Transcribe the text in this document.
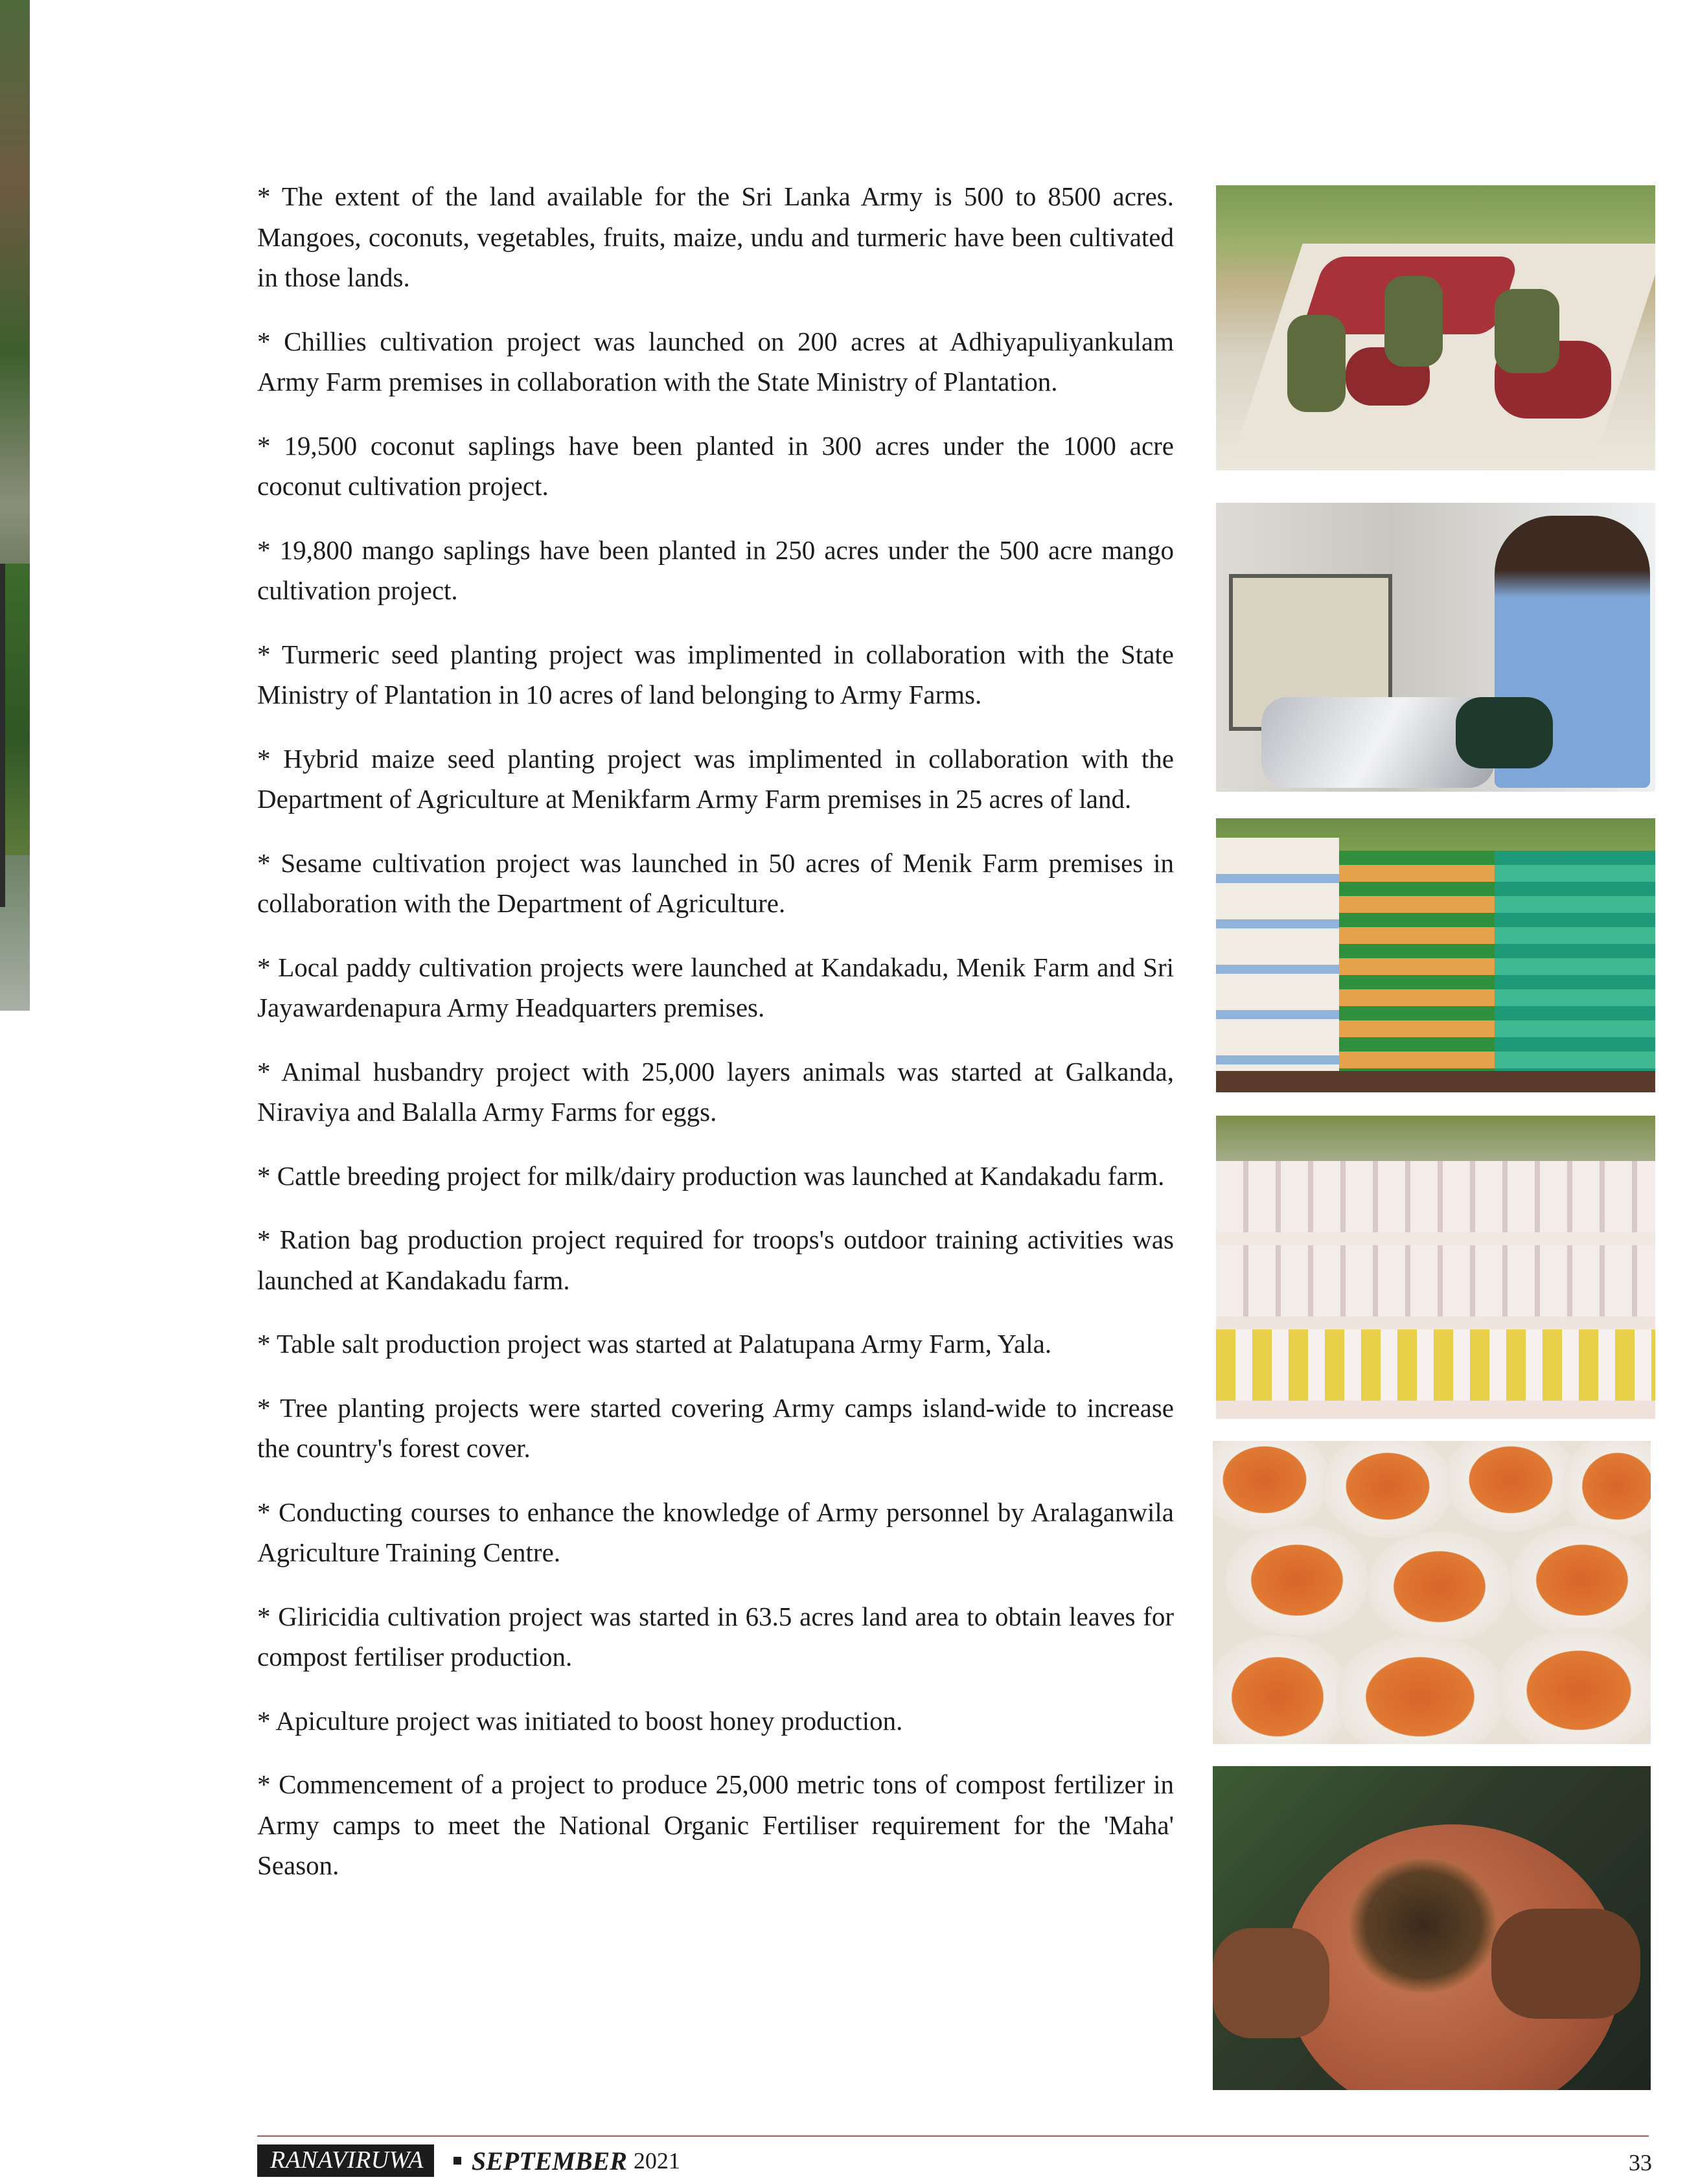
* The extent of the land available for the Sri Lanka Army is 500 to 8500 acres. Mangoes, coconuts, vegetables, fruits, maize, undu and turmeric have been cultivated in those lands.

* Chillies cultivation project was launched on 200 acres at Adhiyapuliyankulam Army Farm premises in collaboration with the State Ministry of Plantation.

* 19,500 coconut saplings have been planted in 300 acres under the 1000 acre coconut cultivation project.

* 19,800 mango saplings have been planted in 250 acres under the 500 acre mango cultivation project.

* Turmeric seed planting project was implimented in collaboration with the State Ministry of Plantation in 10 acres of land belonging to Army Farms.

* Hybrid maize seed planting project was implimented in collaboration with the Department of Agriculture at Menikfarm Army Farm premises in 25 acres of land.

* Sesame cultivation project was launched in 50 acres of Menik Farm premises in collaboration with the Department of Agriculture.

* Local paddy cultivation projects were launched at Kandakadu, Menik Farm and Sri Jayawardenapura Army Headquarters premises.

* Animal husbandry project with 25,000 layers animals was started at Galkanda, Niraviya and Balalla Army Farms for eggs.

* Cattle breeding project for milk/dairy production was launched at Kandakadu farm.

* Ration bag production project required for troops's outdoor training activities was launched at Kandakadu farm.

* Table salt production project was started at Palatupana Army Farm, Yala.

* Tree planting projects were started covering Army camps island-wide to increase the country's forest cover.

* Conducting courses to enhance the knowledge of Army personnel by Aralaganwila Agriculture Training Centre.

* Gliricidia cultivation project was started in 63.5 acres land area to obtain leaves for compost fertiliser production.

* Apiculture project was initiated to boost honey production.

* Commencement of a project to produce 25,000 metric tons of compost fertilizer in Army camps to meet the National Organic Fertiliser requirement for the 'Maha' Season.

RANAVIRUWA	SEPTEMBER 2021	33
